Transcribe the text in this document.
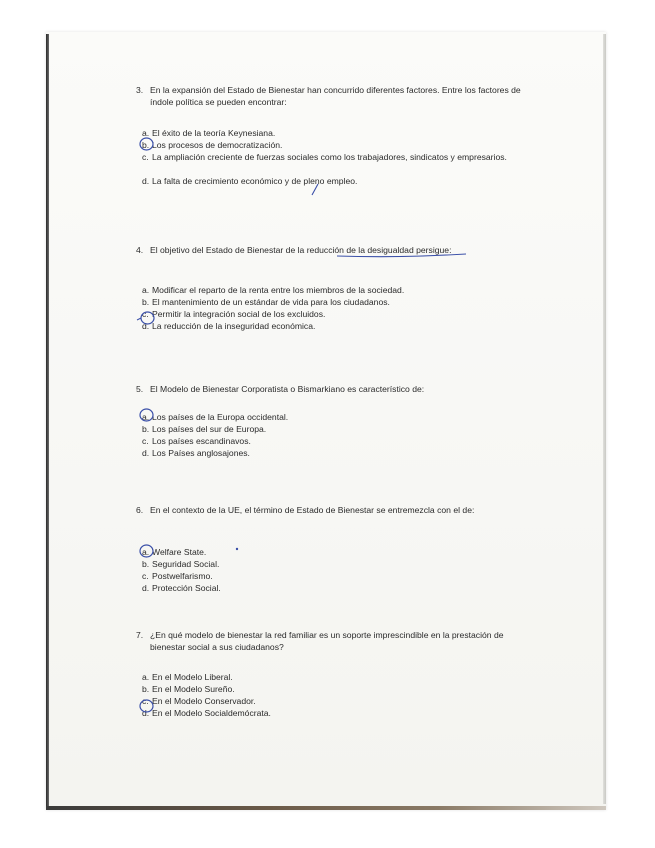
3. En la expansión del Estado de Bienestar han concurrido diferentes factores. Entre los factores de índole política se pueden encontrar:
a. El éxito de la teoría Keynesiana.
b. Los procesos de democratización.
c. La ampliación creciente de fuerzas sociales como los trabajadores, sindicatos y empresarios.
d. La falta de crecimiento económico y de pleno empleo.
4. El objetivo del Estado de Bienestar de la reducción de la desigualdad persigue:
a. Modificar el reparto de la renta entre los miembros de la sociedad.
b. El mantenimiento de un estándar de vida para los ciudadanos.
c. Permitir la integración social de los excluidos.
d. La reducción de la inseguridad económica.
5. El Modelo de Bienestar Corporatista o Bismarkiano es característico de:
a. Los países de la Europa occidental.
b. Los países del sur de Europa.
c. Los países escandinavos.
d. Los Países anglosajones.
6. En el contexto de la UE, el término de Estado de Bienestar se entremezcla con el de:
a. Welfare State.
b. Seguridad Social.
c. Postwelfarismo.
d. Protección Social.
7. ¿En qué modelo de bienestar la red familiar es un soporte imprescindible en la prestación de bienestar social a sus ciudadanos?
a. En el Modelo Liberal.
b. En el Modelo Sureño.
c. En el Modelo Conservador.
d. En el Modelo Socialdemócrata.
